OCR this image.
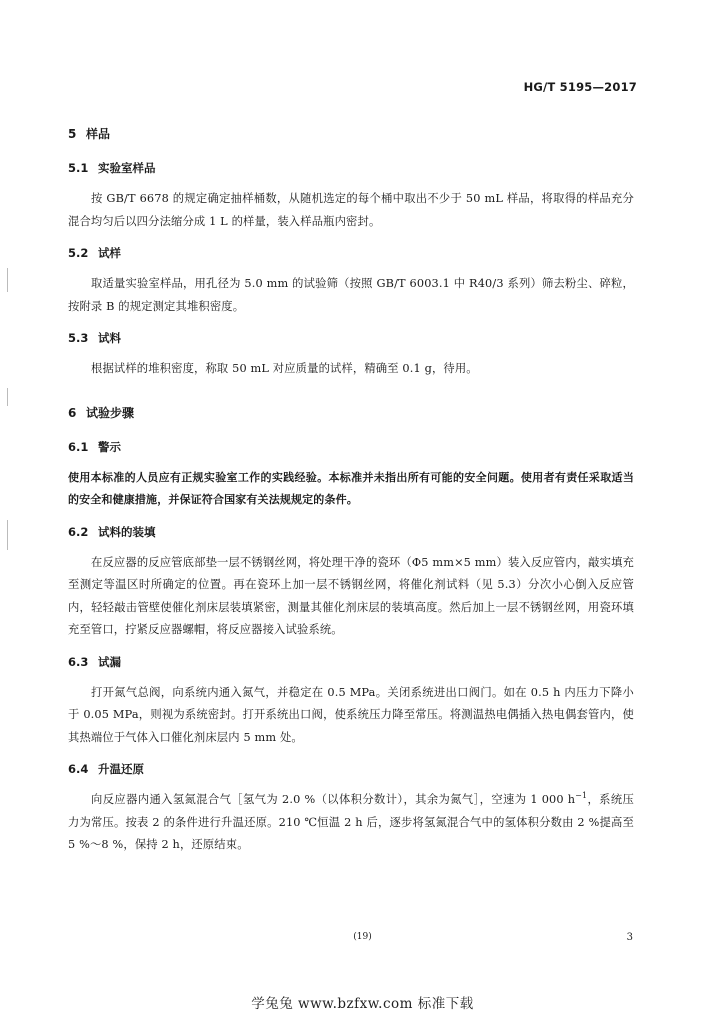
HG/T 5195—2017
5 样品
5.1 实验室样品
按 GB/T 6678 的规定确定抽样桶数，从随机选定的每个桶中取出不少于 50 mL 样品，将取得的样品充分混合均匀后以四分法缩分成 1 L 的样量，装入样品瓶内密封。
5.2 试样
取适量实验室样品，用孔径为 5.0 mm 的试验筛（按照 GB/T 6003.1 中 R40/3 系列）筛去粉尘、碎粒，按附录 B 的规定测定其堆积密度。
5.3 试料
根据试样的堆积密度，称取 50 mL 对应质量的试样，精确至 0.1 g，待用。
6 试验步骤
6.1 警示
使用本标准的人员应有正规实验室工作的实践经验。本标准并未指出所有可能的安全问题。使用者有责任采取适当的安全和健康措施，并保证符合国家有关法规规定的条件。
6.2 试料的装填
在反应器的反应管底部垫一层不锈钢丝网，将处理干净的瓷环（Φ5 mm×5 mm）装入反应管内，敲实填充至测定等温区时所确定的位置。再在瓷环上加一层不锈钢丝网，将催化剂试料（见 5.3）分次小心倒入反应管内，轻轻敲击管壁使催化剂床层装填紧密，测量其催化剂床层的装填高度。然后加上一层不锈钢丝网，用瓷环填充至管口，拧紧反应器螺帽，将反应器接入试验系统。
6.3 试漏
打开氮气总阀，向系统内通入氮气，并稳定在 0.5 MPa。关闭系统进出口阀门。如在 0.5 h 内压力下降小于 0.05 MPa，则视为系统密封。打开系统出口阀，使系统压力降至常压。将测温热电偶插入热电偶套管内，使其热端位于气体入口催化剂床层内 5 mm 处。
6.4 升温还原
向反应器内通入氢氮混合气［氢气为 2.0 %（以体积分数计），其余为氮气］，空速为 1 000 $h^{-1}$，系统压力为常压。按表 2 的条件进行升温还原。210 ℃恒温 2 h 后，逐步将氢氮混合气中的氢体积分数由 2 %提高至 5 %～8 %，保持 2 h，还原结束。
(19)	3
学兔兔 www.bzfxw.com 标准下载
